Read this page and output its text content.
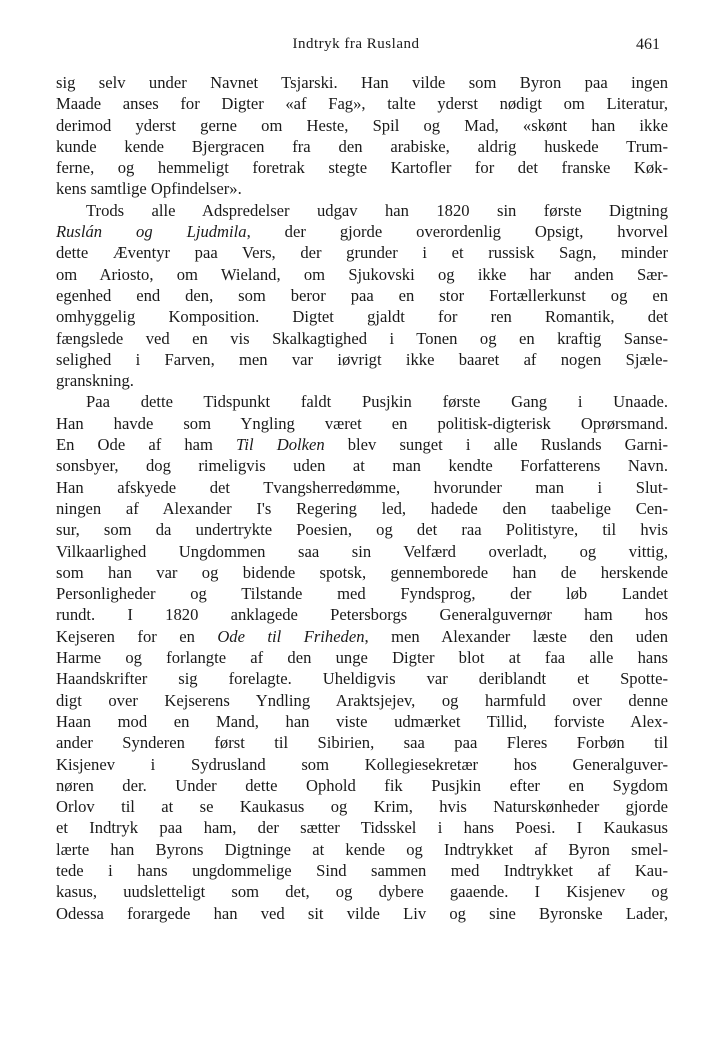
Indtryk fra Rusland	461
sig selv under Navnet Tsjarski. Han vilde som Byron paa ingen
Maade anses for Digter «af Fag», talte yderst nødigt om Literatur,
derimod yderst gerne om Heste, Spil og Mad, «skønt han ikke
kunde kende Bjergracen fra den arabiske, aldrig huskede Trum-
ferne, og hemmeligt foretrak stegte Kartofler for det franske Køk-
kens samtlige Opfindelser».
Trods alle Adspredelser udgav han 1820 sin første Digtning
Ruslán og Ljudmila, der gjorde overordenlig Opsigt, hvorvel
dette Æventyr paa Vers, der grunder i et russisk Sagn, minder
om Ariosto, om Wieland, om Sjukovski og ikke har anden Sær-
egenhed end den, som beror paa en stor Fortællerkunst og en
omhyggelig Komposition. Digtet gjaldt for ren Romantik, det
fængslede ved en vis Skalkagtighed i Tonen og en kraftig Sanse-
selighed i Farven, men var iøvrigt ikke baaret af nogen Sjæle-
granskning.
Paa dette Tidspunkt faldt Pusjkin første Gang i Unaade.
Han havde som Yngling været en politisk-digterisk Oprørsmand.
En Ode af ham Til Dolken blev sunget i alle Ruslands Garni-
sonsbyer, dog rimeligvis uden at man kendte Forfatterens Navn.
Han afskyede det Tvangsherredømme, hvorunder man i Slut-
ningen af Alexander I's Regering led, hadede den taabelige Cen-
sur, som da undertrykte Poesien, og det raa Politistyre, til hvis
Vilkaarlighed Ungdommen saa sin Velfærd overladt, og vittig,
som han var og bidende spotsk, gennemborede han de herskende
Personligheder og Tilstande med Fyndsprog, der løb Landet
rundt. I 1820 anklagede Petersborgs Generalguvernør ham hos
Kejseren for en Ode til Friheden, men Alexander læste den uden
Harme og forlangte af den unge Digter blot at faa alle hans
Haandskrifter sig forelagte. Uheldigvis var deriblandt et Spotte-
digt over Kejserens Yndling Araktsjejev, og harmfuld over denne
Haan mod en Mand, han viste udmærket Tillid, forviste Alex-
ander Synderen først til Sibirien, saa paa Fleres Forbøn til
Kisjenev i Sydrusland som Kollegiesekretær hos Generalguver-
nøren der. Under dette Ophold fik Pusjkin efter en Sygdom
Orlov til at se Kaukasus og Krim, hvis Naturskønheder gjorde
et Indtryk paa ham, der sætter Tidsskel i hans Poesi. I Kaukasus
lærte han Byrons Digtninge at kende og Indtrykket af Byron smel-
tede i hans ungdommelige Sind sammen med Indtrykket af Kau-
kasus, uudsletteligt som det, og dybere gaaende. I Kisjenev og
Odessa forargede han ved sit vilde Liv og sine Byronske Lader,
